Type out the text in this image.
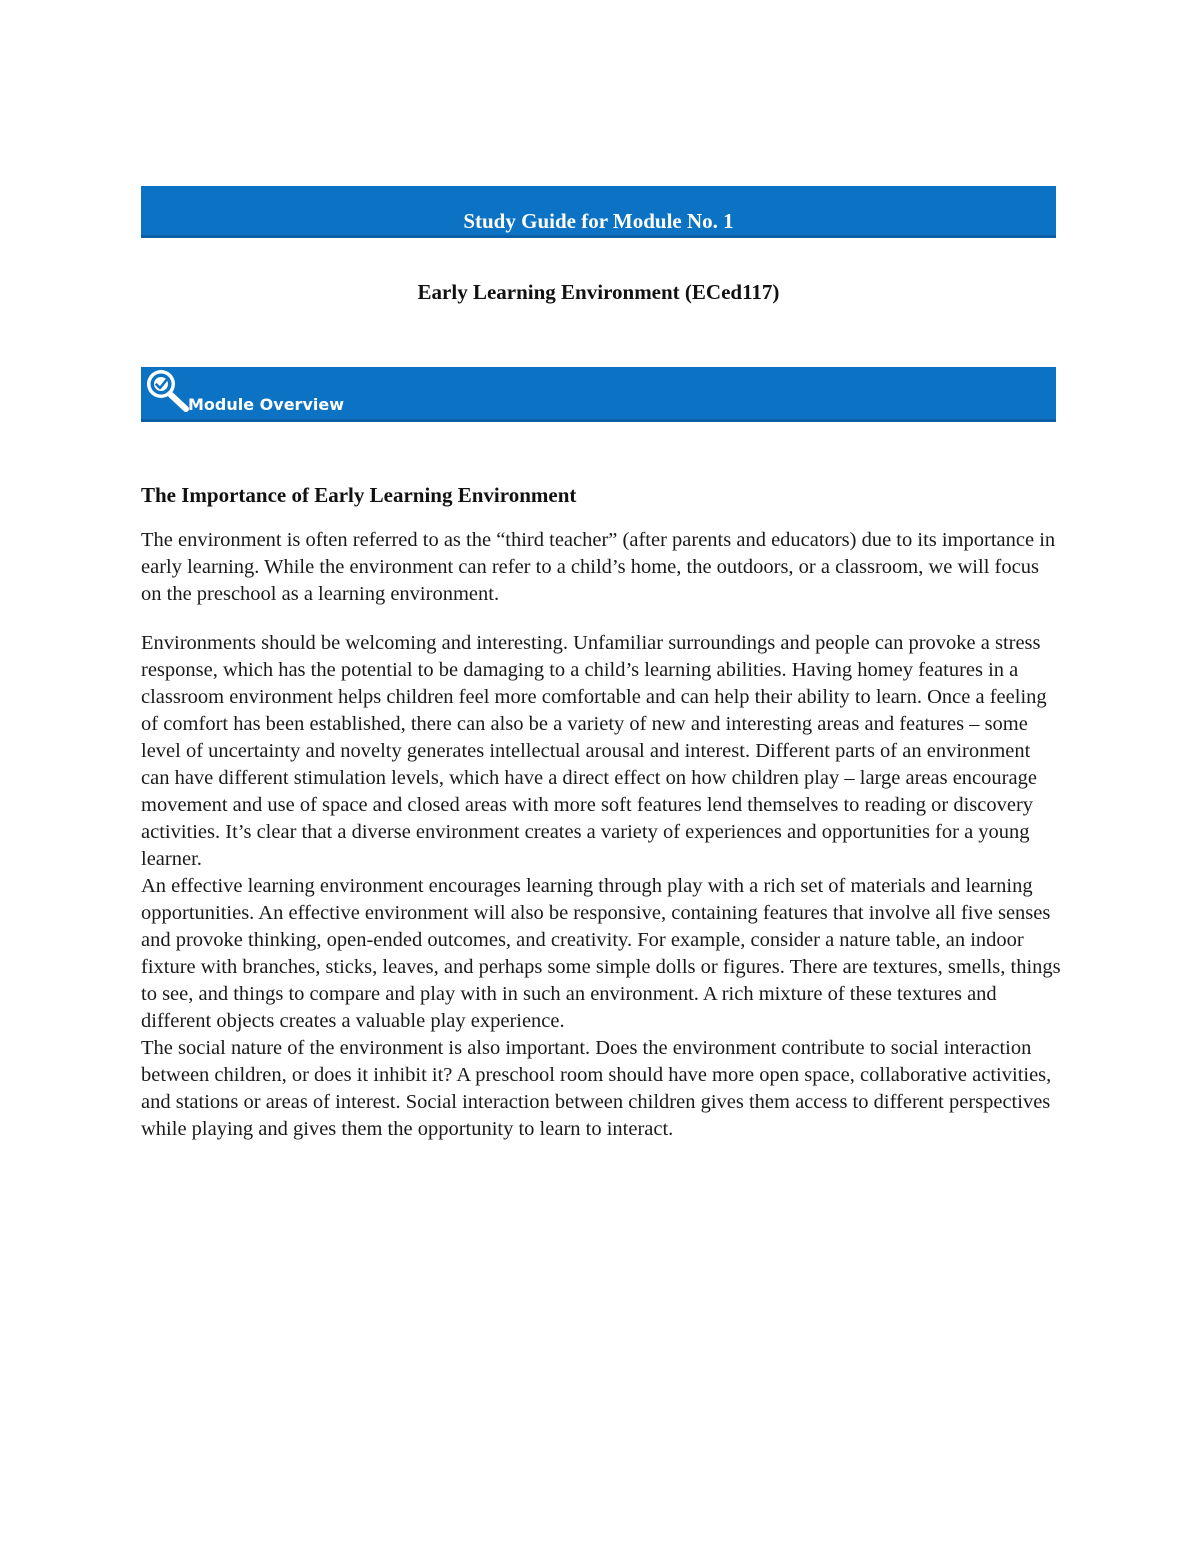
Study Guide for Module No. 1
Early Learning Environment (ECed117)
Module Overview
The Importance of Early Learning Environment

The environment is often referred to as the “third teacher” (after parents and educators) due to its importance in early learning. While the environment can refer to a child’s home, the outdoors, or a classroom, we will focus on the preschool as a learning environment.

Environments should be welcoming and interesting. Unfamiliar surroundings and people can provoke a stress response, which has the potential to be damaging to a child’s learning abilities. Having homey features in a classroom environment helps children feel more comfortable and can help their ability to learn. Once a feeling of comfort has been established, there can also be a variety of new and interesting areas and features – some level of uncertainty and novelty generates intellectual arousal and interest. Different parts of an environment can have different stimulation levels, which have a direct effect on how children play – large areas encourage movement and use of space and closed areas with more soft features lend themselves to reading or discovery activities. It’s clear that a diverse environment creates a variety of experiences and opportunities for a young learner.

An effective learning environment encourages learning through play with a rich set of materials and learning opportunities. An effective environment will also be responsive, containing features that involve all five senses and provoke thinking, open-ended outcomes, and creativity. For example, consider a nature table, an indoor fixture with branches, sticks, leaves, and perhaps some simple dolls or figures. There are textures, smells, things to see, and things to compare and play with in such an environment. A rich mixture of these textures and different objects creates a valuable play experience.

The social nature of the environment is also important. Does the environment contribute to social interaction between children, or does it inhibit it? A preschool room should have more open space, collaborative activities, and stations or areas of interest. Social interaction between children gives them access to different perspectives while playing and gives them the opportunity to learn to interact.
